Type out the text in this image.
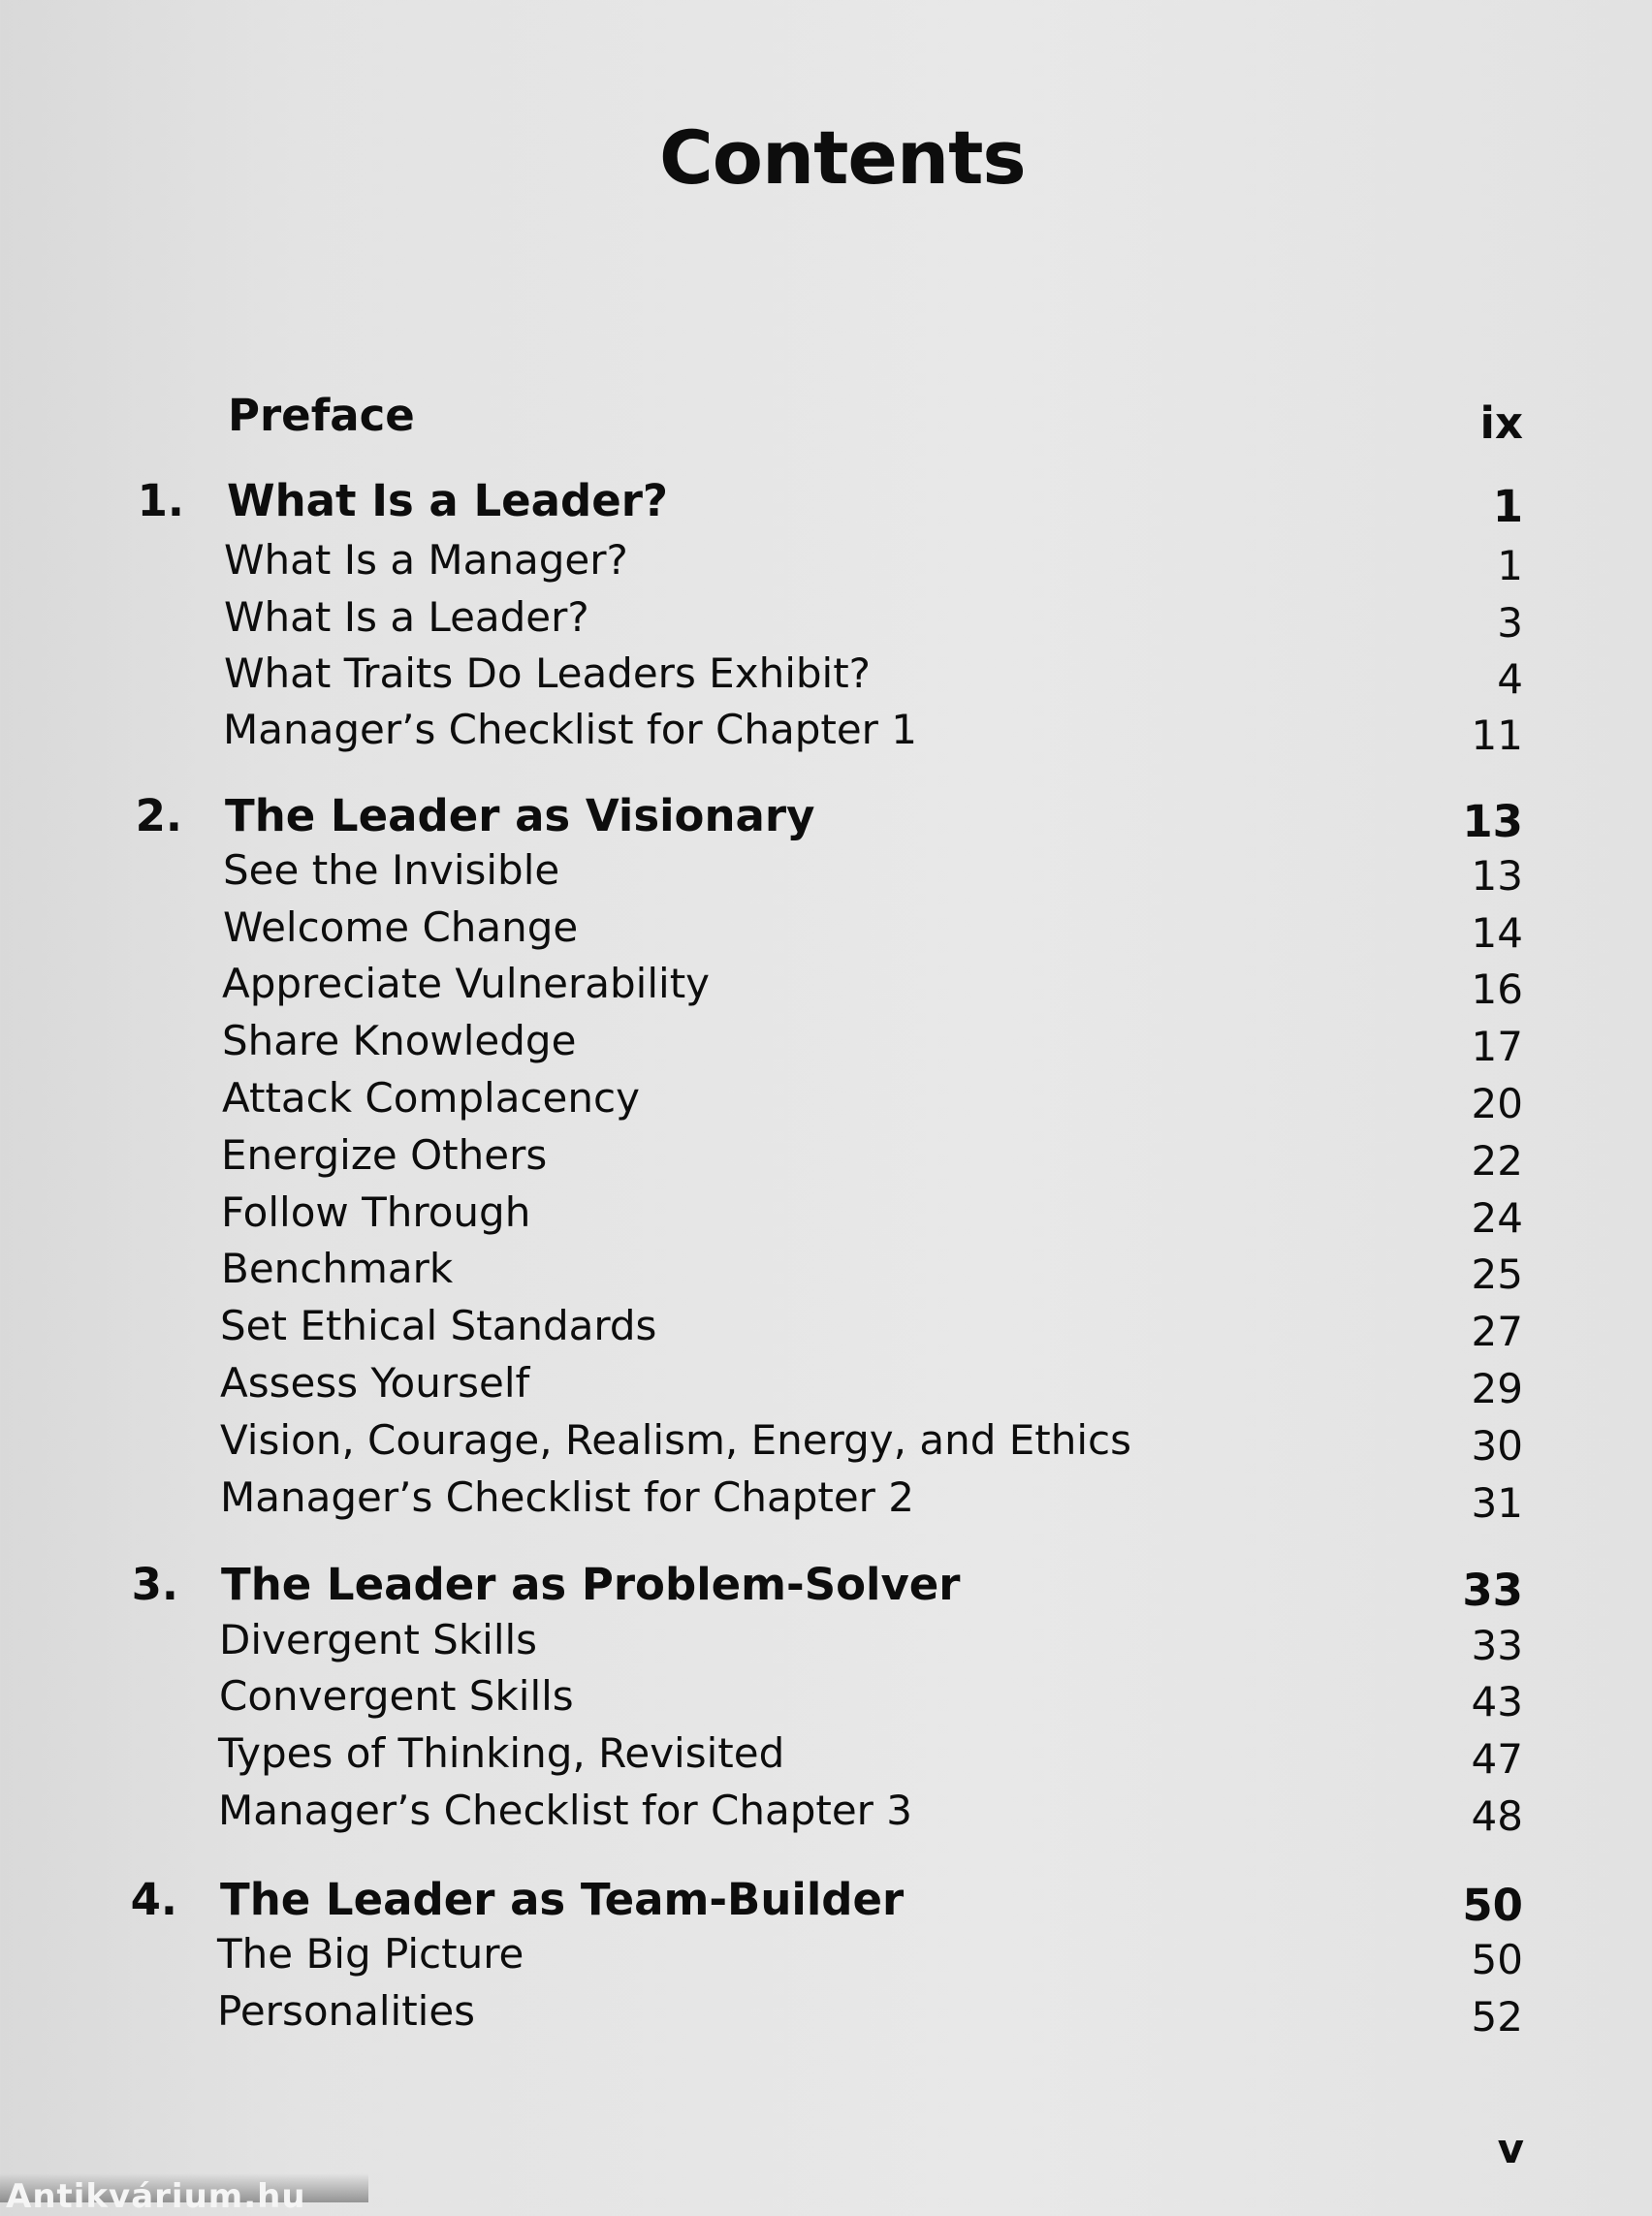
Contents
Preface	ix
1. What Is a Leader?	1
What Is a Manager?	1
What Is a Leader?	3
What Traits Do Leaders Exhibit?	4
Manager’s Checklist for Chapter 1	11
2. The Leader as Visionary	13
See the Invisible	13
Welcome Change	14
Appreciate Vulnerability	16
Share Knowledge	17
Attack Complacency	20
Energize Others	22
Follow Through	24
Benchmark	25
Set Ethical Standards	27
Assess Yourself	29
Vision, Courage, Realism, Energy, and Ethics	30
Manager’s Checklist for Chapter 2	31
3. The Leader as Problem-Solver	33
Divergent Skills	33
Convergent Skills	43
Types of Thinking, Revisited	47
Manager’s Checklist for Chapter 3	48
4. The Leader as Team-Builder	50
The Big Picture	50
Personalities	52
v
Antikvárium.hu
